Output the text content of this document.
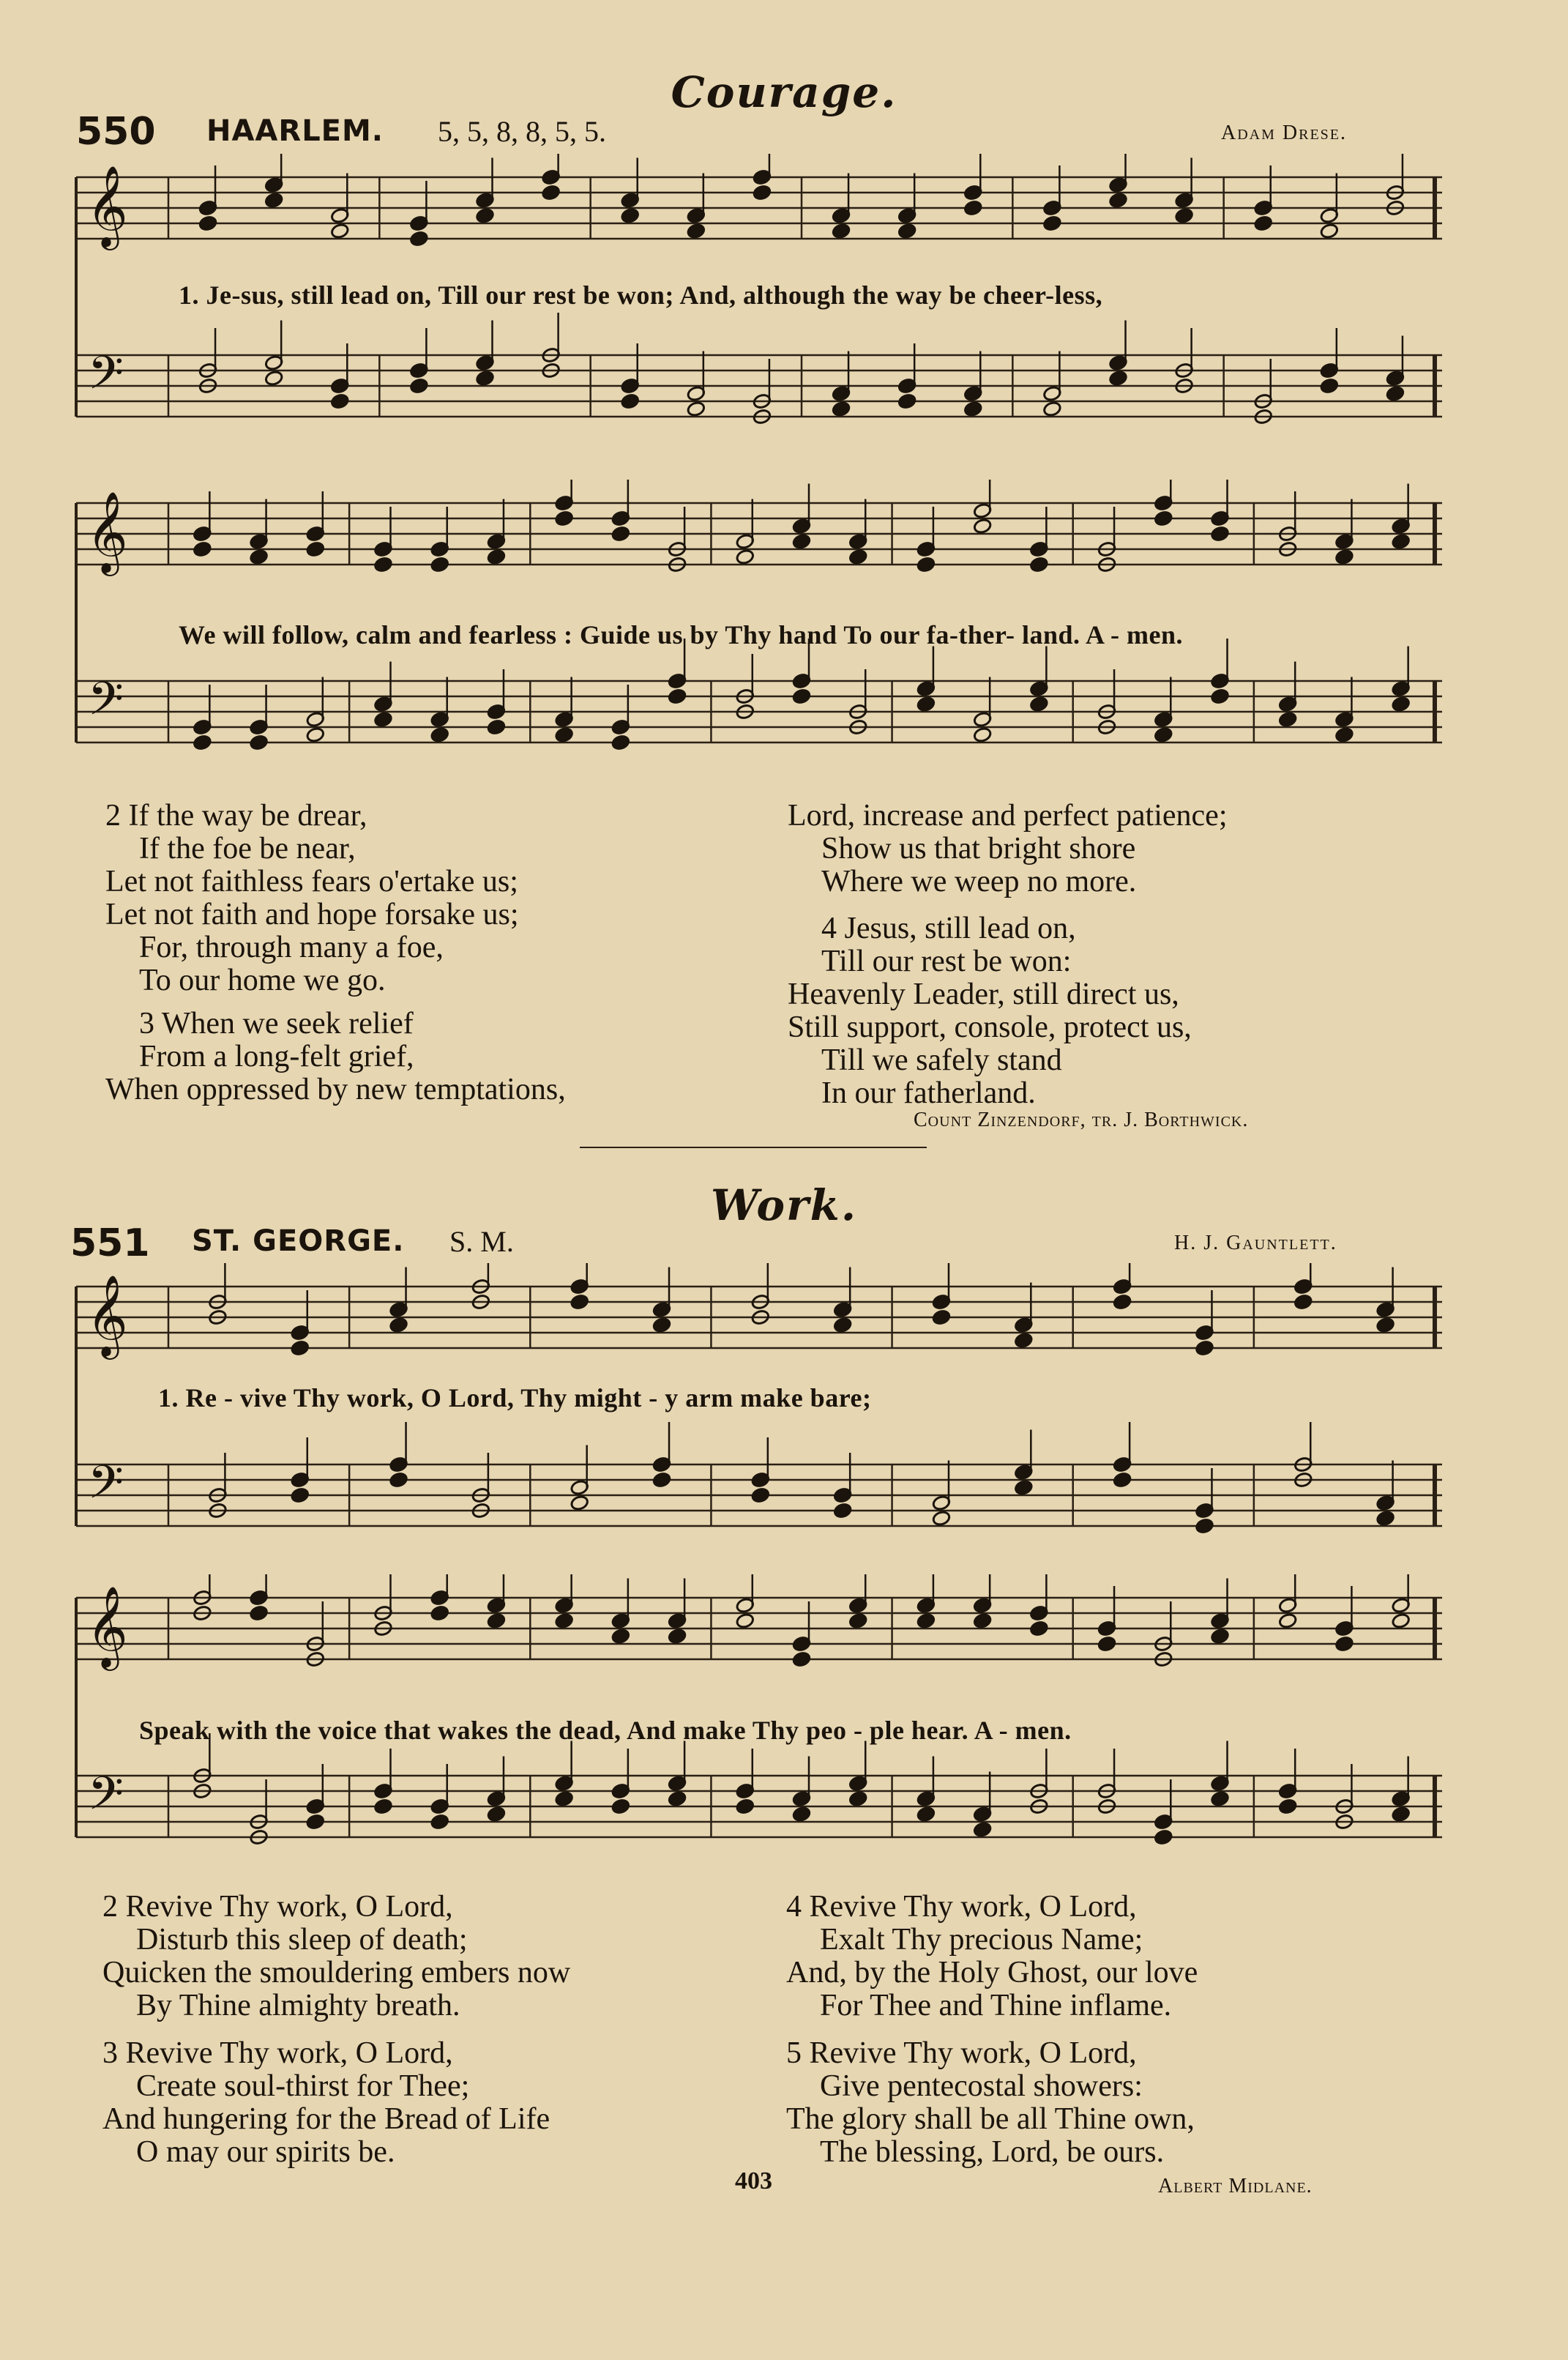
Courage.
550 HAARLEM. 5, 5, 8, 8, 5, 5.	Adam Drese.
𝄞
𝄢
1. Je-sus, still lead on, Till our rest be won; And, although the way be cheer-less,
𝄞
𝄢
We will follow, calm and fearless : Guide us by Thy hand To our fa-ther- land. A - men.
2 If the way be drear,
If the foe be near,
Let not faithless fears o'ertake us;
Let not faith and hope forsake us;
For, through many a foe,
To our home we go.
3 When we seek relief
From a long-felt grief,
When oppressed by new temptations,
Lord, increase and perfect patience;
Show us that bright shore
Where we weep no more.
4 Jesus, still lead on,
Till our rest be won:
Heavenly Leader, still direct us,
Still support, console, protect us,
Till we safely stand
In our fatherland.
Count Zinzendorf, tr. J. Borthwick.
Work.
551 ST. GEORGE. S. M.	H. J. Gauntlett.
𝄞
𝄢
1. Re - vive Thy work, O Lord, Thy might - y arm make bare;
𝄞
𝄢
Speak with the voice that wakes the dead, And make Thy peo - ple hear. A - men.
2 Revive Thy work, O Lord,
Disturb this sleep of death;
Quicken the smouldering embers now
By Thine almighty breath.
3 Revive Thy work, O Lord,
Create soul-thirst for Thee;
And hungering for the Bread of Life
O may our spirits be.
4 Revive Thy work, O Lord,
Exalt Thy precious Name;
And, by the Holy Ghost, our love
For Thee and Thine inflame.
5 Revive Thy work, O Lord,
Give pentecostal showers:
The glory shall be all Thine own,
The blessing, Lord, be ours.
403	Albert Midlane.
